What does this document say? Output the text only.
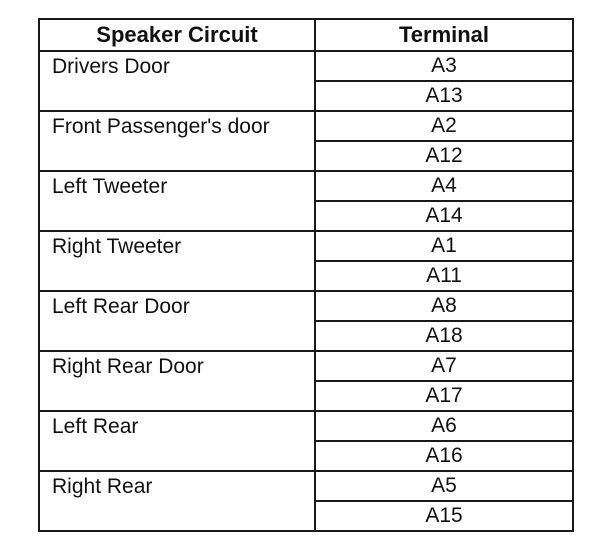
Speaker Circuit	Terminal
Drivers Door	A3
	A13
Front Passenger's door	A2
	A12
Left Tweeter	A4
	A14
Right Tweeter	A1
	A11
Left Rear Door	A8
	A18
Right Rear Door	A7
	A17
Left Rear	A6
	A16
Right Rear	A5
	A15
